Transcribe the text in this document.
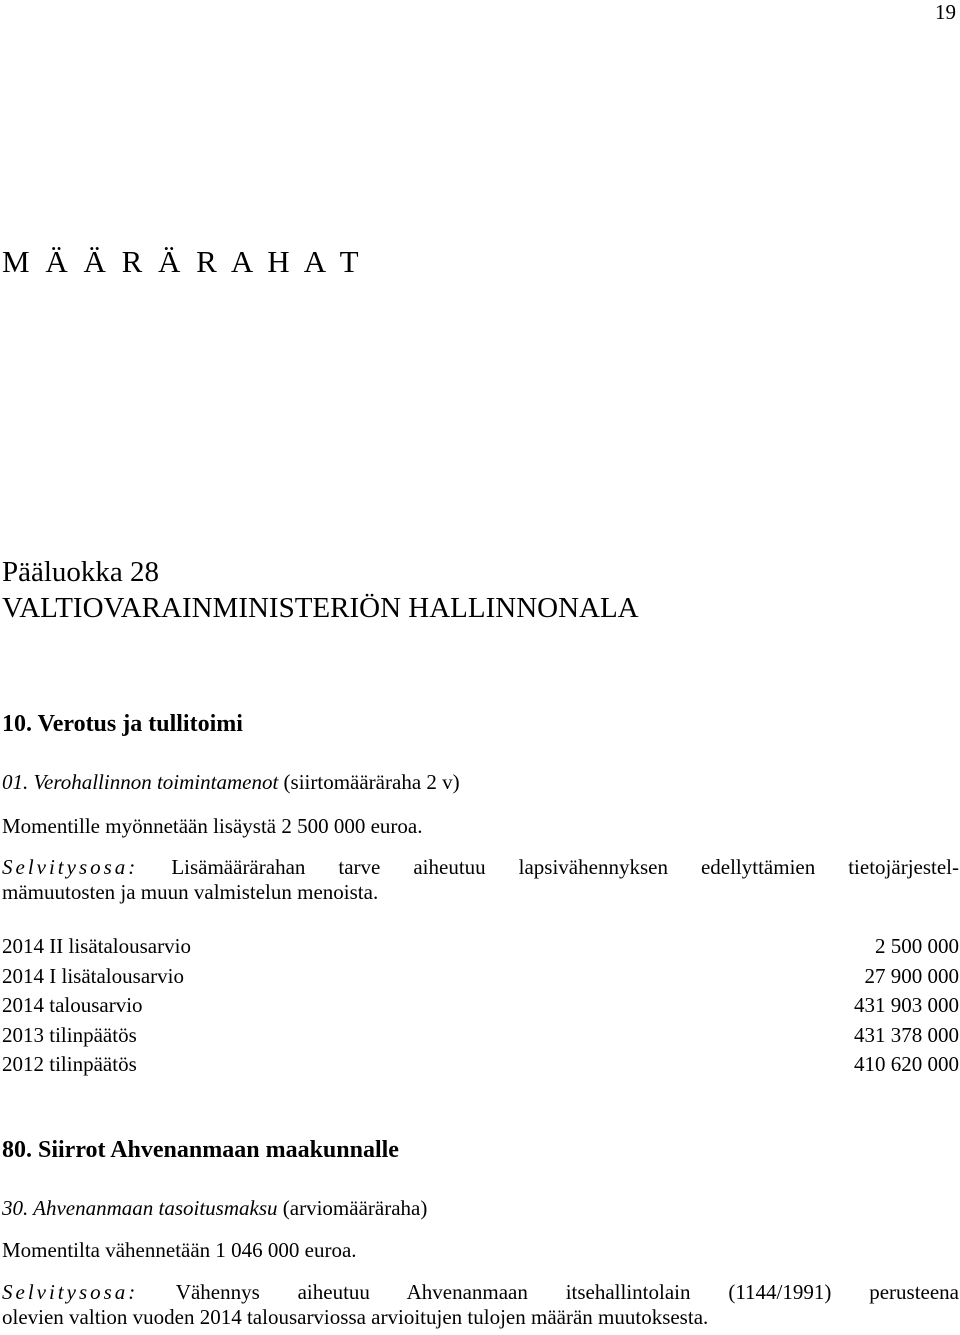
19
M Ä Ä R Ä R A H A T
Pääluokka 28
VALTIOVARAINMINISTERIÖN HALLINNONALA
10. Verotus ja tullitoimi
01. Verohallinnon toimintamenot (siirtomääräraha 2 v)
Momentille myönnetään lisäystä 2 500 000 euroa.
Selvitysosa: Lisämäärärahan tarve aiheutuu lapsivähennyksen edellyttämien tietojärjestel-
mämuutosten ja muun valmistelun menoista.
2014 II lisätalousarvio	2 500 000
2014 I lisätalousarvio	27 900 000
2014 talousarvio	431 903 000
2013 tilinpäätös	431 378 000
2012 tilinpäätös	410 620 000
80. Siirrot Ahvenanmaan maakunnalle
30. Ahvenanmaan tasoitusmaksu (arviomääräraha)
Momentilta vähennetään 1 046 000 euroa.
Selvitysosa: Vähennys aiheutuu Ahvenanmaan itsehallintolain (1144/1991) perusteena
olevien valtion vuoden 2014 talousarviossa arvioitujen tulojen määrän muutoksesta.
